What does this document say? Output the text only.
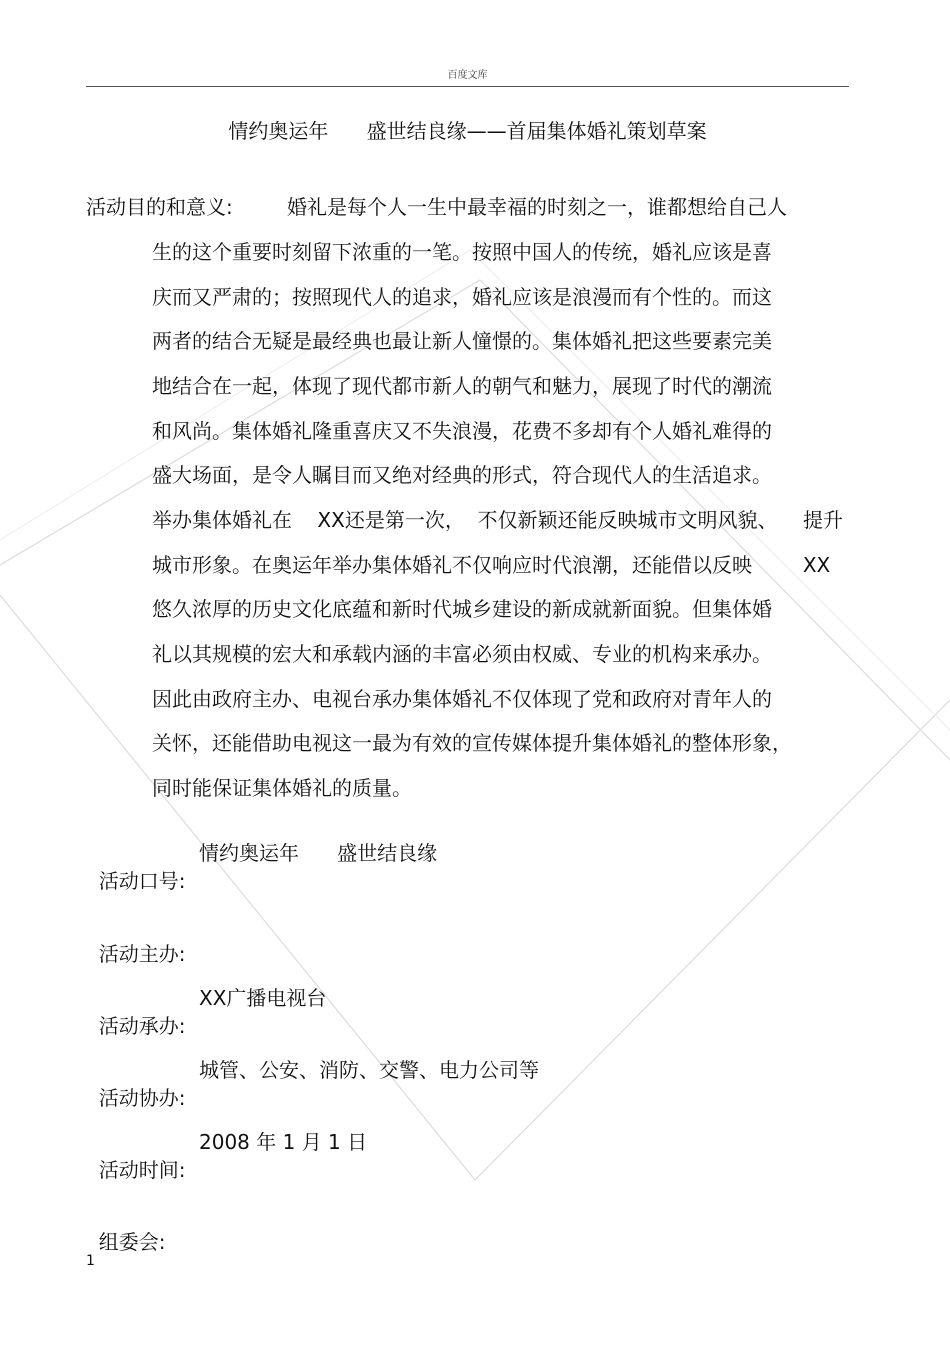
百度文库
情约奥运年      盛世结良缘——首届集体婚礼策划草案
活动目的和意义:	婚礼是每个人一生中最幸福的时刻之一，谁都想给自己人
生的这个重要时刻留下浓重的一笔。按照中国人的传统，婚礼应该是喜
庆而又严肃的；按照现代人的追求，婚礼应该是浪漫而有个性的。而这
两者的结合无疑是最经典也最让新人憧憬的。集体婚礼把这些要素完美
地结合在一起，体现了现代都市新人的朝气和魅力，展现了时代的潮流
和风尚。集体婚礼隆重喜庆又不失浪漫，花费不多却有个人婚礼难得的
盛大场面，是令人瞩目而又绝对经典的形式，符合现代人的生活追求。
举办集体婚礼在    XX还是第一次，  不仅新颖还能反映城市文明风貌、    提升
城市形象。在奥运年举办集体婚礼不仅响应时代浪潮，还能借以反映        XX
悠久浓厚的历史文化底蕴和新时代城乡建设的新成就新面貌。但集体婚
礼以其规模的宏大和承载内涵的丰富必须由权威、专业的机构来承办。
因此由政府主办、电视台承办集体婚礼不仅体现了党和政府对青年人的
关怀，还能借助电视这一最为有效的宣传媒体提升集体婚礼的整体形象，
同时能保证集体婚礼的质量。

活动口号:

情约奥运年      盛世结良缘

活动主办:

活动承办:

XX广播电视台

活动协办:

城管、公安、消防、交警、电力公司等

活动时间:

2008 年 1 月 1 日

组委会:

1
